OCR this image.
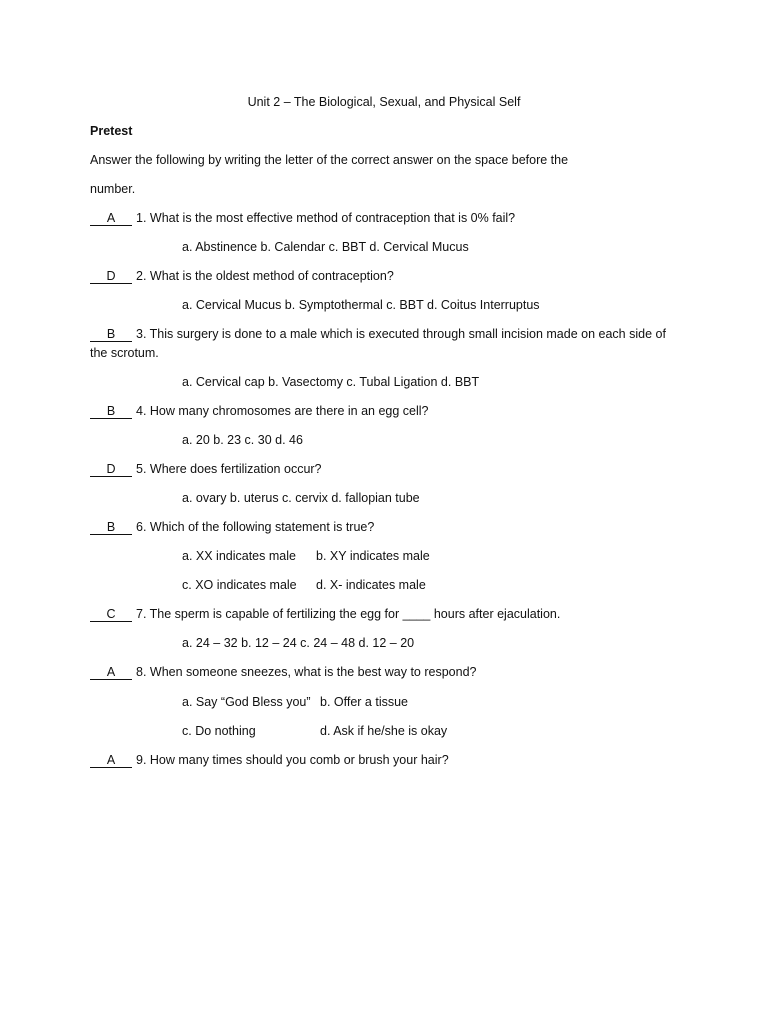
Unit 2 – The Biological, Sexual, and Physical Self
Pretest
Answer the following by writing the letter of the correct answer on the space before the
number.
A 1. What is the most effective method of contraception that is 0% fail?
a. Abstinence b. Calendar c. BBT d. Cervical Mucus
D 2. What is the oldest method of contraception?
a. Cervical Mucus b. Symptothermal c. BBT d. Coitus Interruptus
B 3. This surgery is done to a male which is executed through small incision made on each side of
the scrotum.
a. Cervical cap b. Vasectomy c. Tubal Ligation d. BBT
B 4. How many chromosomes are there in an egg cell?
a. 20 b. 23 c. 30 d. 46
D 5. Where does fertilization occur?
a. ovary b. uterus c. cervix d. fallopian tube
B 6. Which of the following statement is true?
a. XX indicates male b. XY indicates male
c. XO indicates male d. X- indicates male
C 7. The sperm is capable of fertilizing the egg for ____ hours after ejaculation.
a. 24 – 32 b. 12 – 24 c. 24 – 48 d. 12 – 20
A 8. When someone sneezes, what is the best way to respond?
a. Say “God Bless you” b. Offer a tissue
c. Do nothing	d. Ask if he/she is okay
A 9. How many times should you comb or brush your hair?
